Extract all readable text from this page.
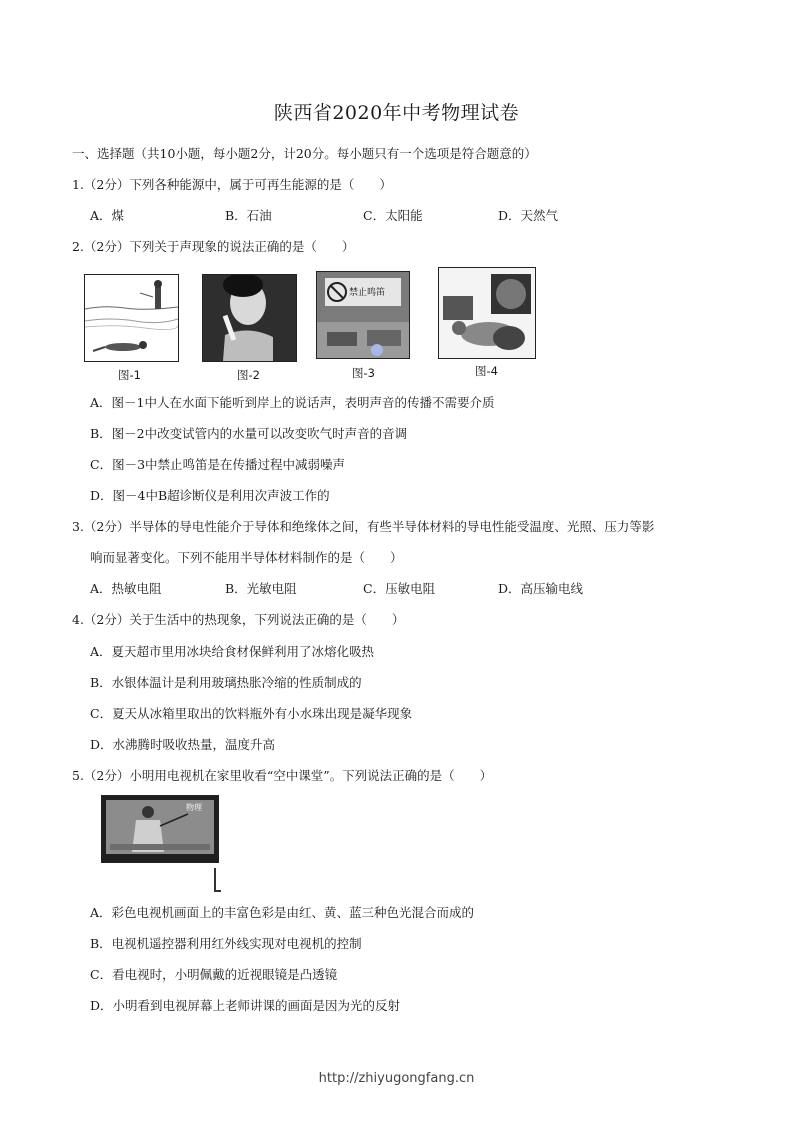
陕西省2020年中考物理试卷
一、选择题（共10小题，每小题2分，计20分。每小题只有一个选项是符合题意的）
1.（2分）下列各种能源中，属于可再生能源的是（　　）
A．煤	B．石油	C．太阳能	D．天然气
2.（2分）下列关于声现象的说法正确的是（　　）
图-1	图-2
禁止鸣笛
图-3	图-4
A．图－1中人在水面下能听到岸上的说话声，表明声音的传播不需要介质
B．图－2中改变试管内的水量可以改变吹气时声音的音调
C．图－3中禁止鸣笛是在传播过程中减弱噪声
D．图－4中B超诊断仪是利用次声波工作的
3.（2分）半导体的导电性能介于导体和绝缘体之间，有些半导体材料的导电性能受温度、光照、压力等影
响而显著变化。下列不能用半导体材料制作的是（　　）
A．热敏电阻	B．光敏电阻	C．压敏电阻	D．高压输电线
4.（2分）关于生活中的热现象，下列说法正确的是（　　）
A．夏天超市里用冰块给食材保鲜利用了冰熔化吸热
B．水银体温计是利用玻璃热胀冷缩的性质制成的
C．夏天从冰箱里取出的饮料瓶外有小水珠出现是凝华现象
D．水沸腾时吸收热量，温度升高
5.（2分）小明用电视机在家里收看“空中课堂”。下列说法正确的是（　　）
物理
A．彩色电视机画面上的丰富色彩是由红、黄、蓝三种色光混合而成的
B．电视机遥控器利用红外线实现对电视机的控制
C．看电视时，小明佩戴的近视眼镜是凸透镜
D．小明看到电视屏幕上老师讲课的画面是因为光的反射
http://zhiyugongfang.cn
